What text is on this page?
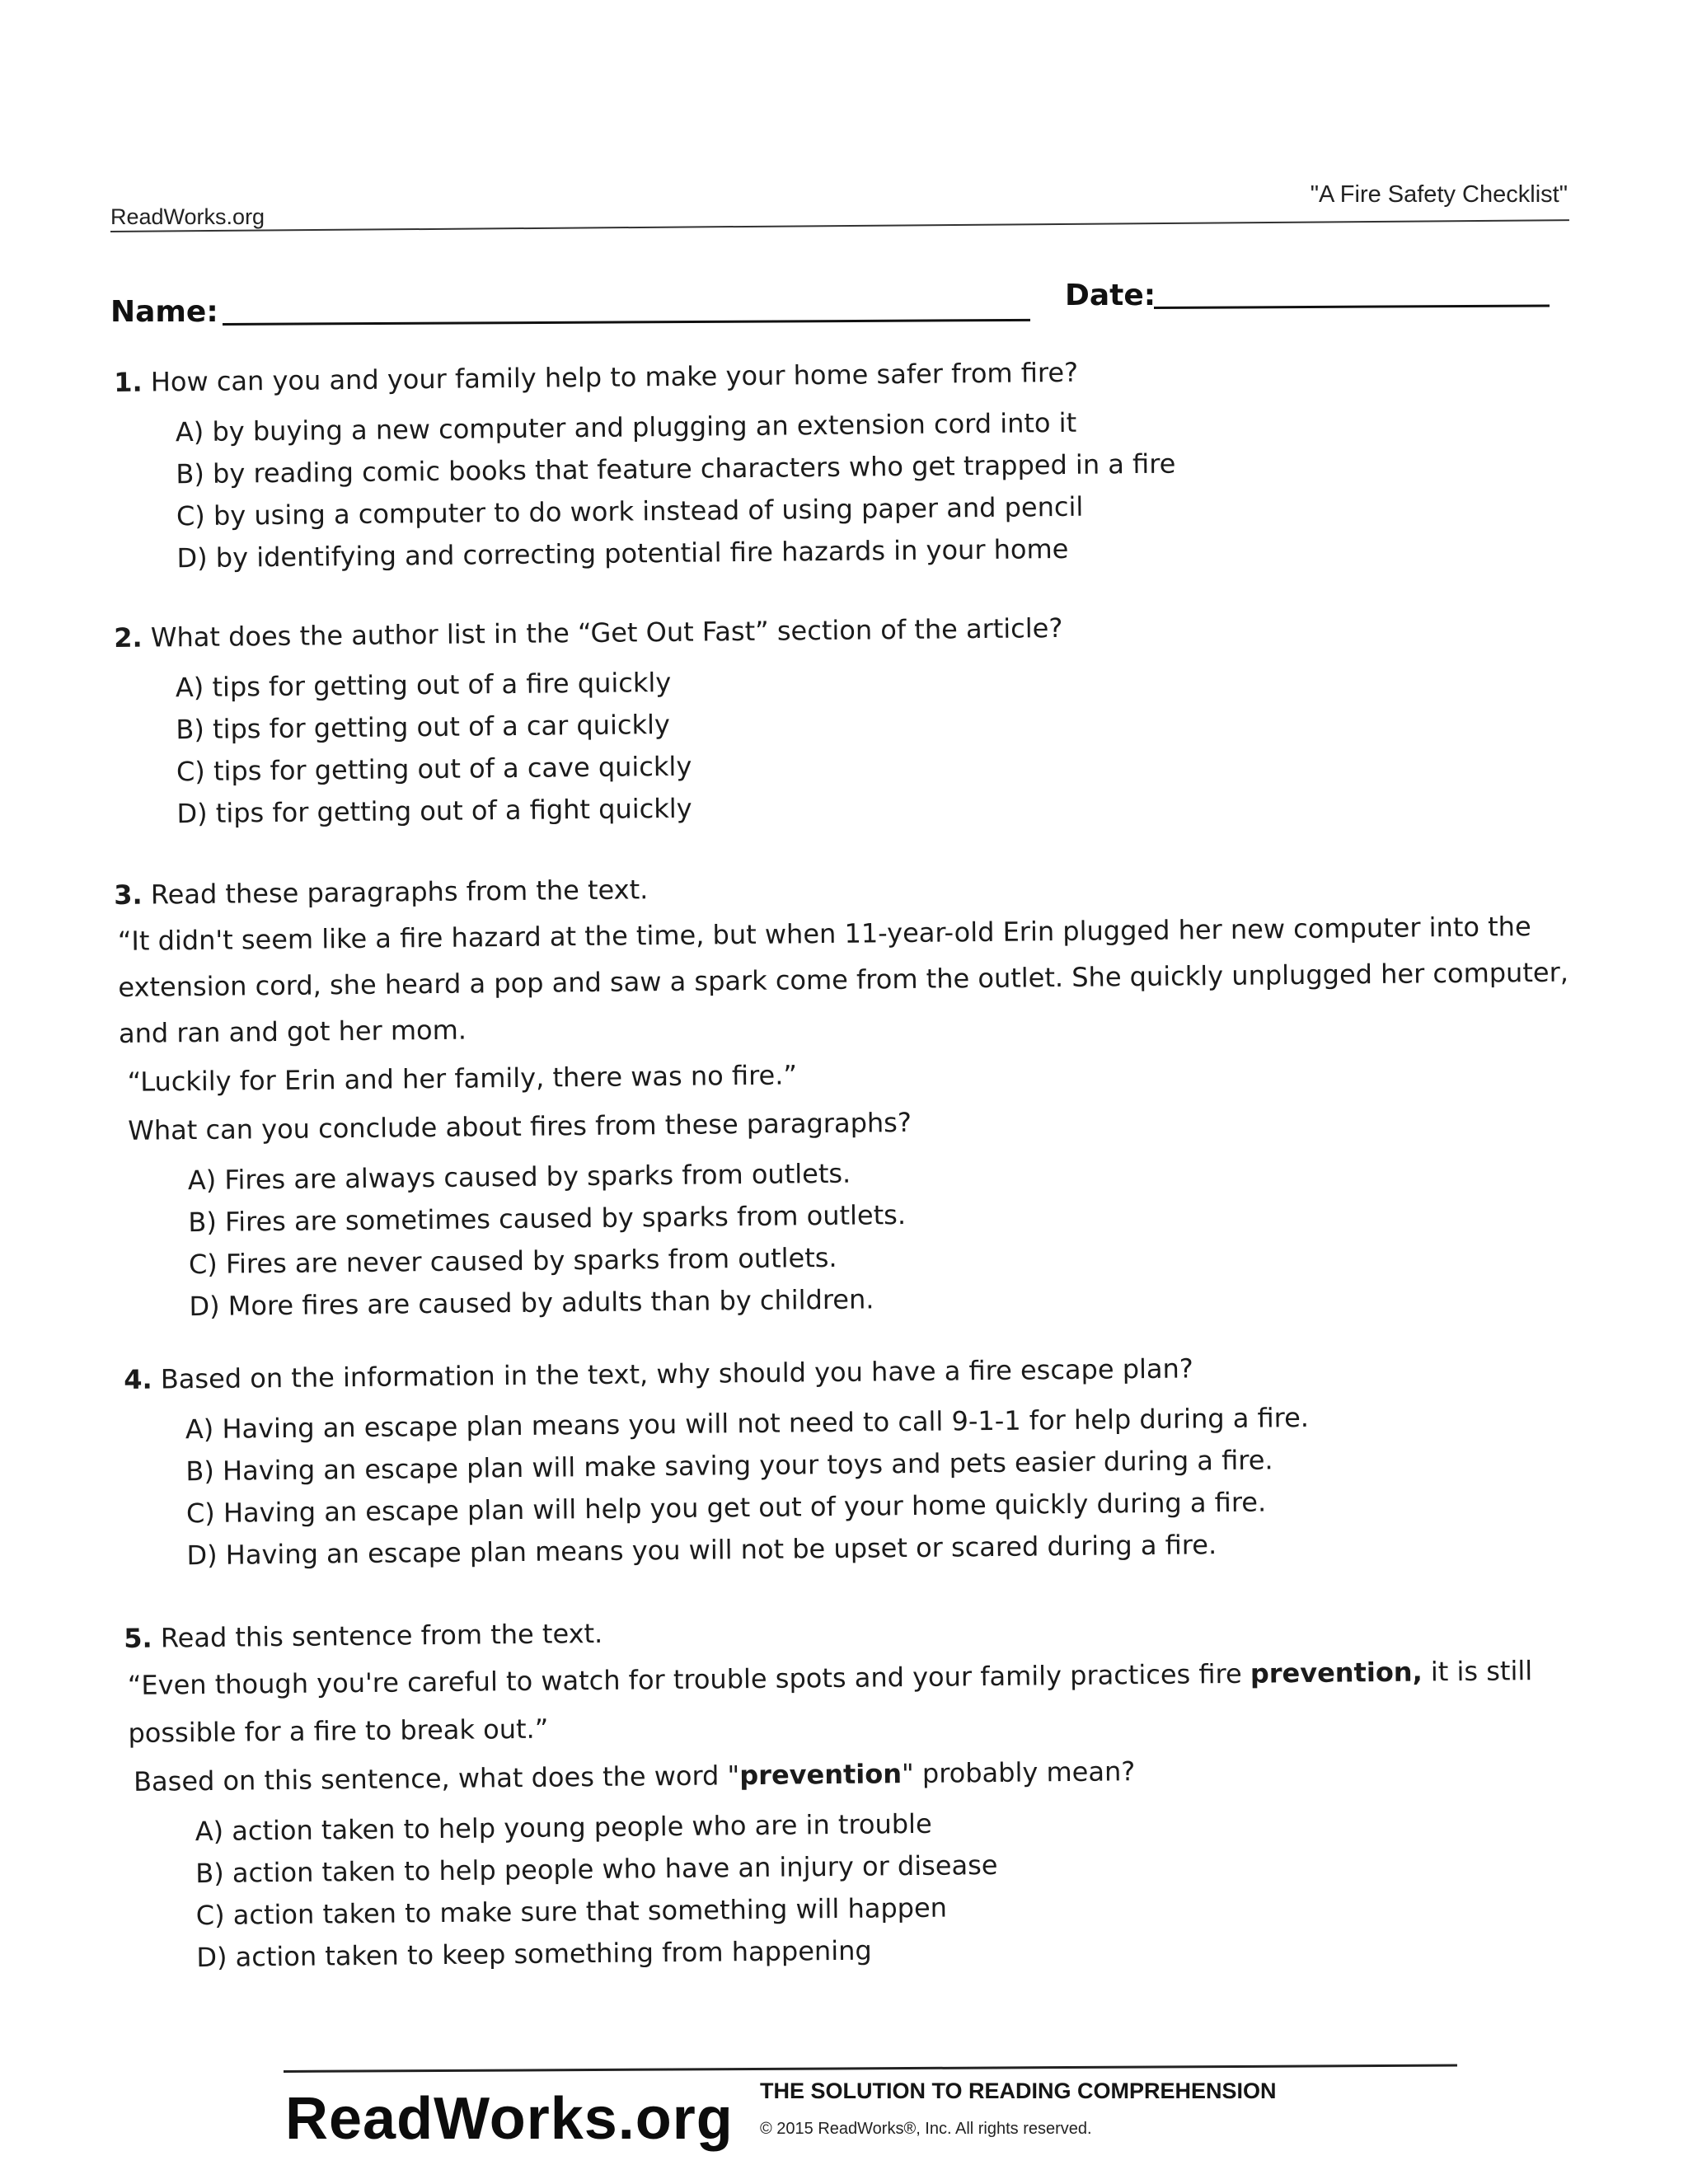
ReadWorks.org
"A Fire Safety Checklist"
Name:	Date:

1. How can you and your family help to make your home safer from fire?

A) by buying a new computer and plugging an extension cord into it
B) by reading comic books that feature characters who get trapped in a fire
C) by using a computer to do work instead of using paper and pencil
D) by identifying and correcting potential fire hazards in your home

2. What does the author list in the “Get Out Fast” section of the article?

A) tips for getting out of a fire quickly
B) tips for getting out of a car quickly
C) tips for getting out of a cave quickly
D) tips for getting out of a fight quickly

3. Read these paragraphs from the text.

“It didn't seem like a fire hazard at the time, but when 11-year-old Erin plugged her new computer into the extension cord, she heard a pop and saw a spark come from the outlet. She quickly unplugged her computer, and ran and got her mom.

“Luckily for Erin and her family, there was no fire.”

What can you conclude about fires from these paragraphs?

A) Fires are always caused by sparks from outlets.
B) Fires are sometimes caused by sparks from outlets.
C) Fires are never caused by sparks from outlets.
D) More fires are caused by adults than by children.

4. Based on the information in the text, why should you have a fire escape plan?

A) Having an escape plan means you will not need to call 9-1-1 for help during a fire.
B) Having an escape plan will make saving your toys and pets easier during a fire.
C) Having an escape plan will help you get out of your home quickly during a fire.
D) Having an escape plan means you will not be upset or scared during a fire.

5. Read this sentence from the text.

“Even though you're careful to watch for trouble spots and your family practices fire prevention, it is still possible for a fire to break out.”

Based on this sentence, what does the word "prevention" probably mean?

A) action taken to help young people who are in trouble
B) action taken to help people who have an injury or disease
C) action taken to make sure that something will happen
D) action taken to keep something from happening
ReadWorks.org THE SOLUTION TO READING COMPREHENSION
© 2015 ReadWorks®, Inc. All rights reserved.
